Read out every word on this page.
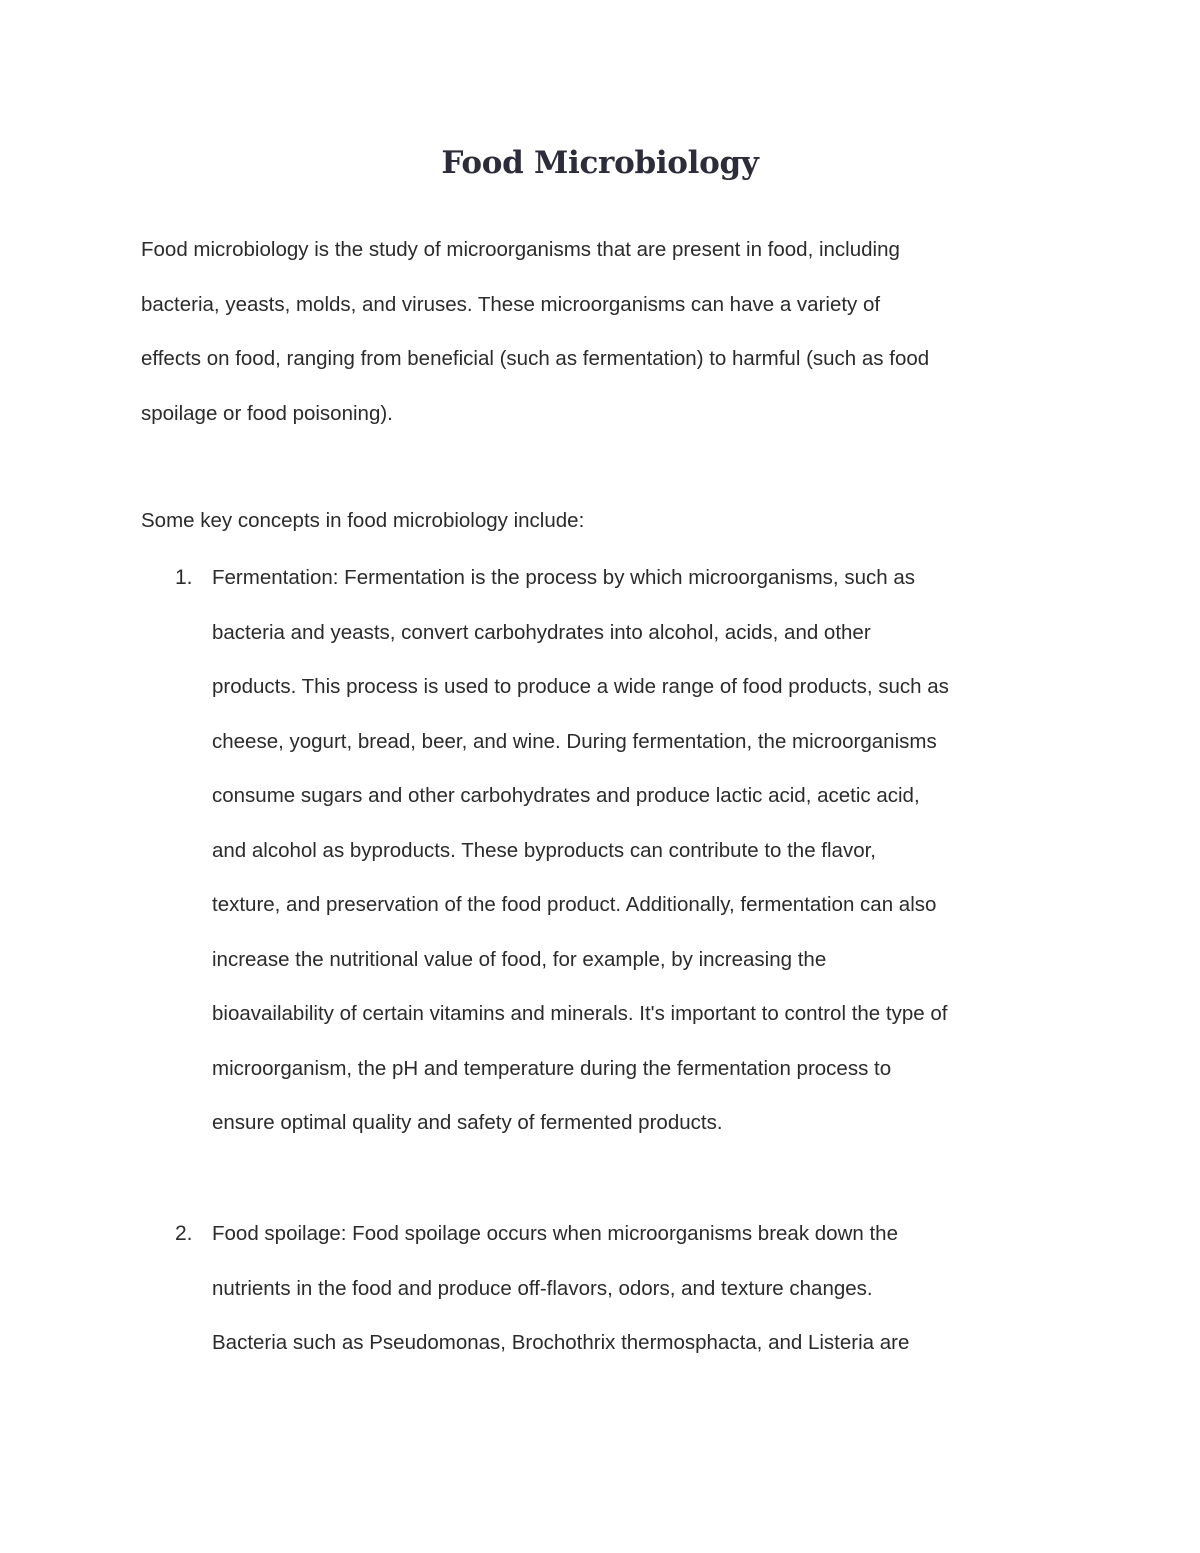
Food Microbiology

Food microbiology is the study of microorganisms that are present in food, including
bacteria, yeasts, molds, and viruses. These microorganisms can have a variety of
effects on food, ranging from beneficial (such as fermentation) to harmful (such as food
spoilage or food poisoning).

Some key concepts in food microbiology include:

1. Fermentation: Fermentation is the process by which microorganisms, such as
bacteria and yeasts, convert carbohydrates into alcohol, acids, and other
products. This process is used to produce a wide range of food products, such as
cheese, yogurt, bread, beer, and wine. During fermentation, the microorganisms
consume sugars and other carbohydrates and produce lactic acid, acetic acid,
and alcohol as byproducts. These byproducts can contribute to the flavor,
texture, and preservation of the food product. Additionally, fermentation can also
increase the nutritional value of food, for example, by increasing the
bioavailability of certain vitamins and minerals. It's important to control the type of
microorganism, the pH and temperature during the fermentation process to
ensure optimal quality and safety of fermented products.

2. Food spoilage: Food spoilage occurs when microorganisms break down the
nutrients in the food and produce off-flavors, odors, and texture changes.
Bacteria such as Pseudomonas, Brochothrix thermosphacta, and Listeria are
